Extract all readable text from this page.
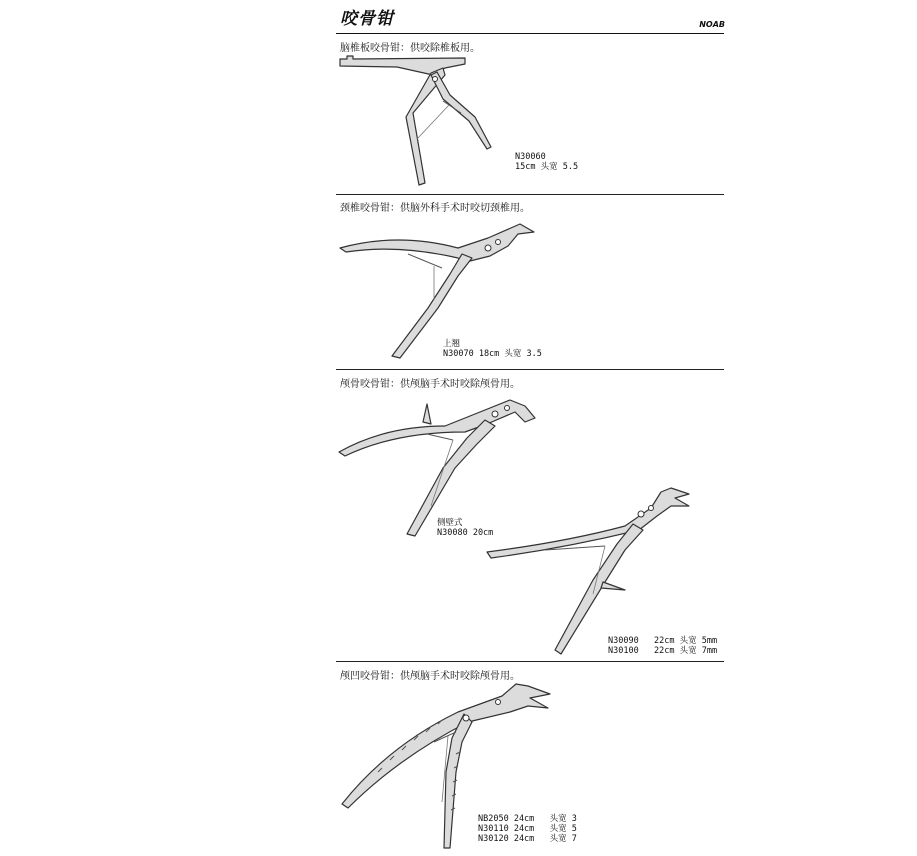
咬骨钳	NOAB
脑椎板咬骨钳：供咬除椎板用。
N30060
15cm 头宽 5.5
颈椎咬骨钳：供脑外科手术时咬切颈椎用。
上翘
N30070 18cm 头宽 3.5
颅骨咬骨钳：供颅脑手术时咬除颅骨用。
侧壁式
N30080 20cm
N30090   22cm 头宽 5mm
N30100   22cm 头宽 7mm
颅凹咬骨钳：供颅脑手术时咬除颅骨用。
NB2050 24cm   头宽 3
N30110 24cm   头宽 5
N30120 24cm   头宽 7
